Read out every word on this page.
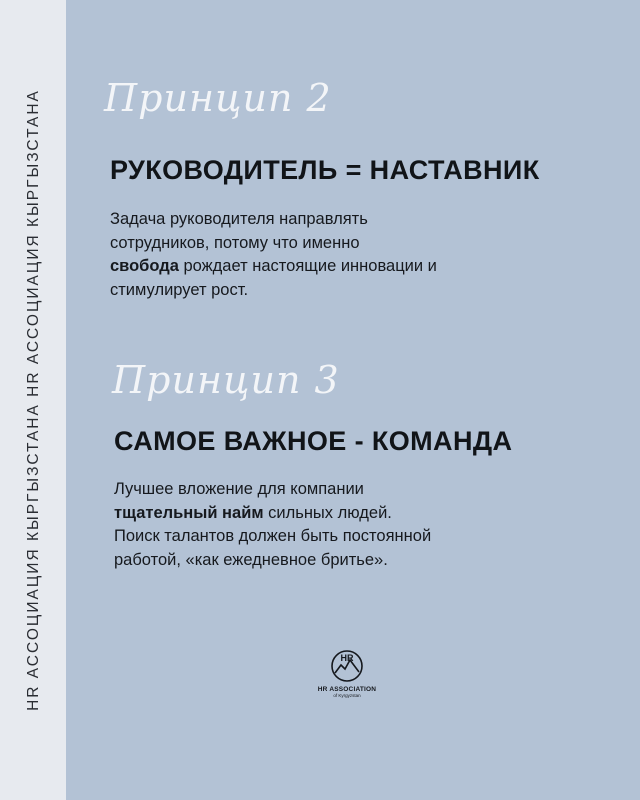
HR АССОЦИАЦИЯ КЫРГЫЗСТАНА HR АССОЦИАЦИЯ КЫРГЫЗСТАНА Принцип 2
РУКОВОДИТЕЛЬ = НАСТАВНИК
Задача руководителя направлять
сотрудников, потому что именно
свобода рождает настоящие инновации и
стимулирует рост.
Принцип 3
САМОЕ ВАЖНОЕ - КОМАНДА
Лучшее вложение для компании
тщательный найм сильных людей.
Поиск талантов должен быть постоянной
работой, «как ежедневное бритье».
HR
HR ASSOCIATION
of Kyrgyzstan
